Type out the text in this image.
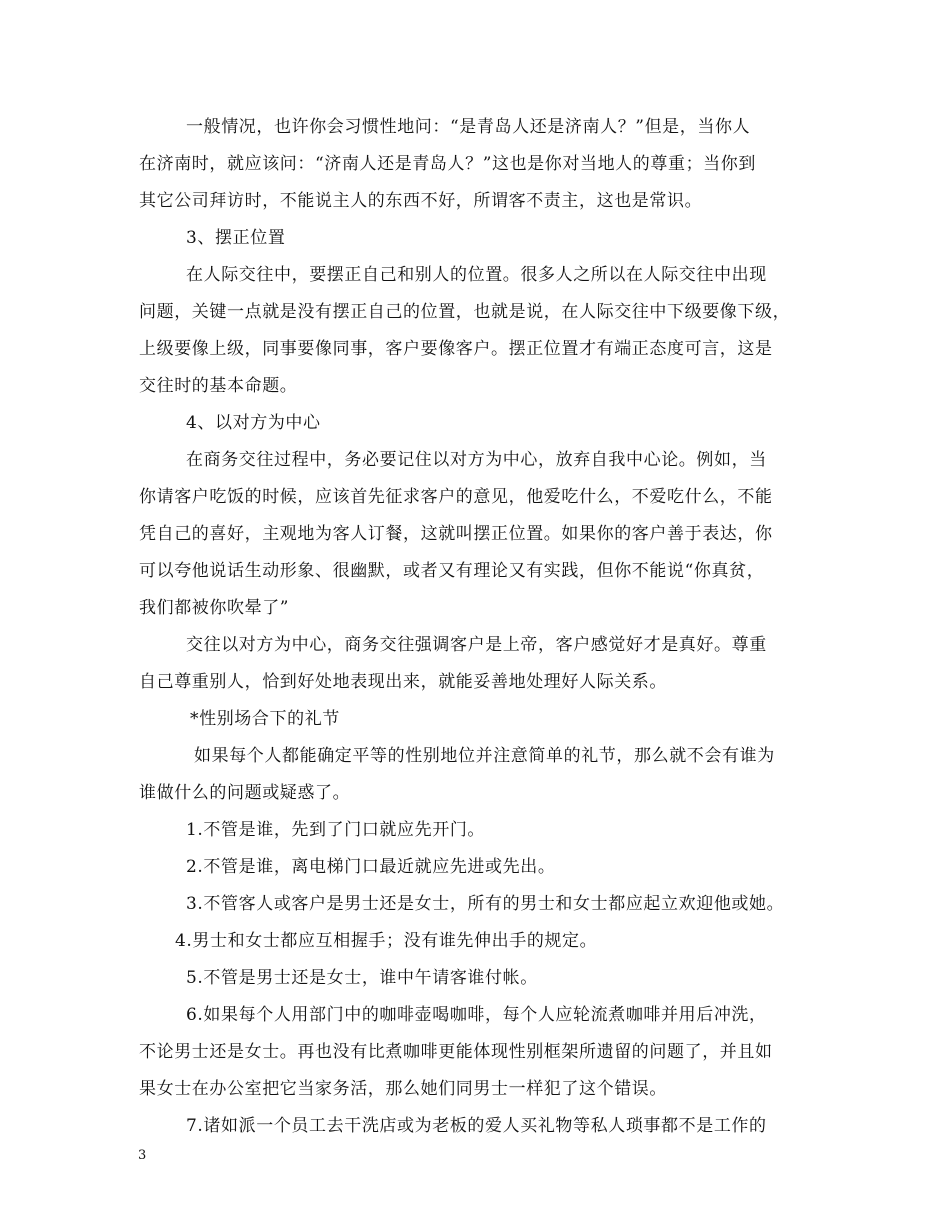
一般情况，也许你会习惯性地问：“是青岛人还是济南人？”但是，当你人
在济南时，就应该问：“济南人还是青岛人？”这也是你对当地人的尊重；当你到
其它公司拜访时，不能说主人的东西不好，所谓客不责主，这也是常识。
3、摆正位置
在人际交往中，要摆正自己和别人的位置。很多人之所以在人际交往中出现
问题，关键一点就是没有摆正自己的位置，也就是说，在人际交往中下级要像下级，
上级要像上级，同事要像同事，客户要像客户。摆正位置才有端正态度可言，这是
交往时的基本命题。
4、以对方为中心
在商务交往过程中，务必要记住以对方为中心，放弃自我中心论。例如，当
你请客户吃饭的时候，应该首先征求客户的意见，他爱吃什么，不爱吃什么，不能
凭自己的喜好，主观地为客人订餐，这就叫摆正位置。如果你的客户善于表达，你
可以夸他说话生动形象、很幽默，或者又有理论又有实践，但你不能说“你真贫，
我们都被你吹晕了”
交往以对方为中心，商务交往强调客户是上帝，客户感觉好才是真好。尊重
自己尊重别人，恰到好处地表现出来，就能妥善地处理好人际关系。
*性别场合下的礼节
如果每个人都能确定平等的性别地位并注意简单的礼节，那么就不会有谁为
谁做什么的问题或疑惑了。
1.不管是谁，先到了门口就应先开门。
2.不管是谁，离电梯门口最近就应先进或先出。
3.不管客人或客户是男士还是女士，所有的男士和女士都应起立欢迎他或她。
4.男士和女士都应互相握手；没有谁先伸出手的规定。
5.不管是男士还是女士，谁中午请客谁付帐。
6.如果每个人用部门中的咖啡壶喝咖啡，每个人应轮流煮咖啡并用后冲洗，
不论男士还是女士。再也没有比煮咖啡更能体现性别框架所遗留的问题了，并且如
果女士在办公室把它当家务活，那么她们同男士一样犯了这个错误。
7.诸如派一个员工去干洗店或为老板的爱人买礼物等私人琐事都不是工作的
3
